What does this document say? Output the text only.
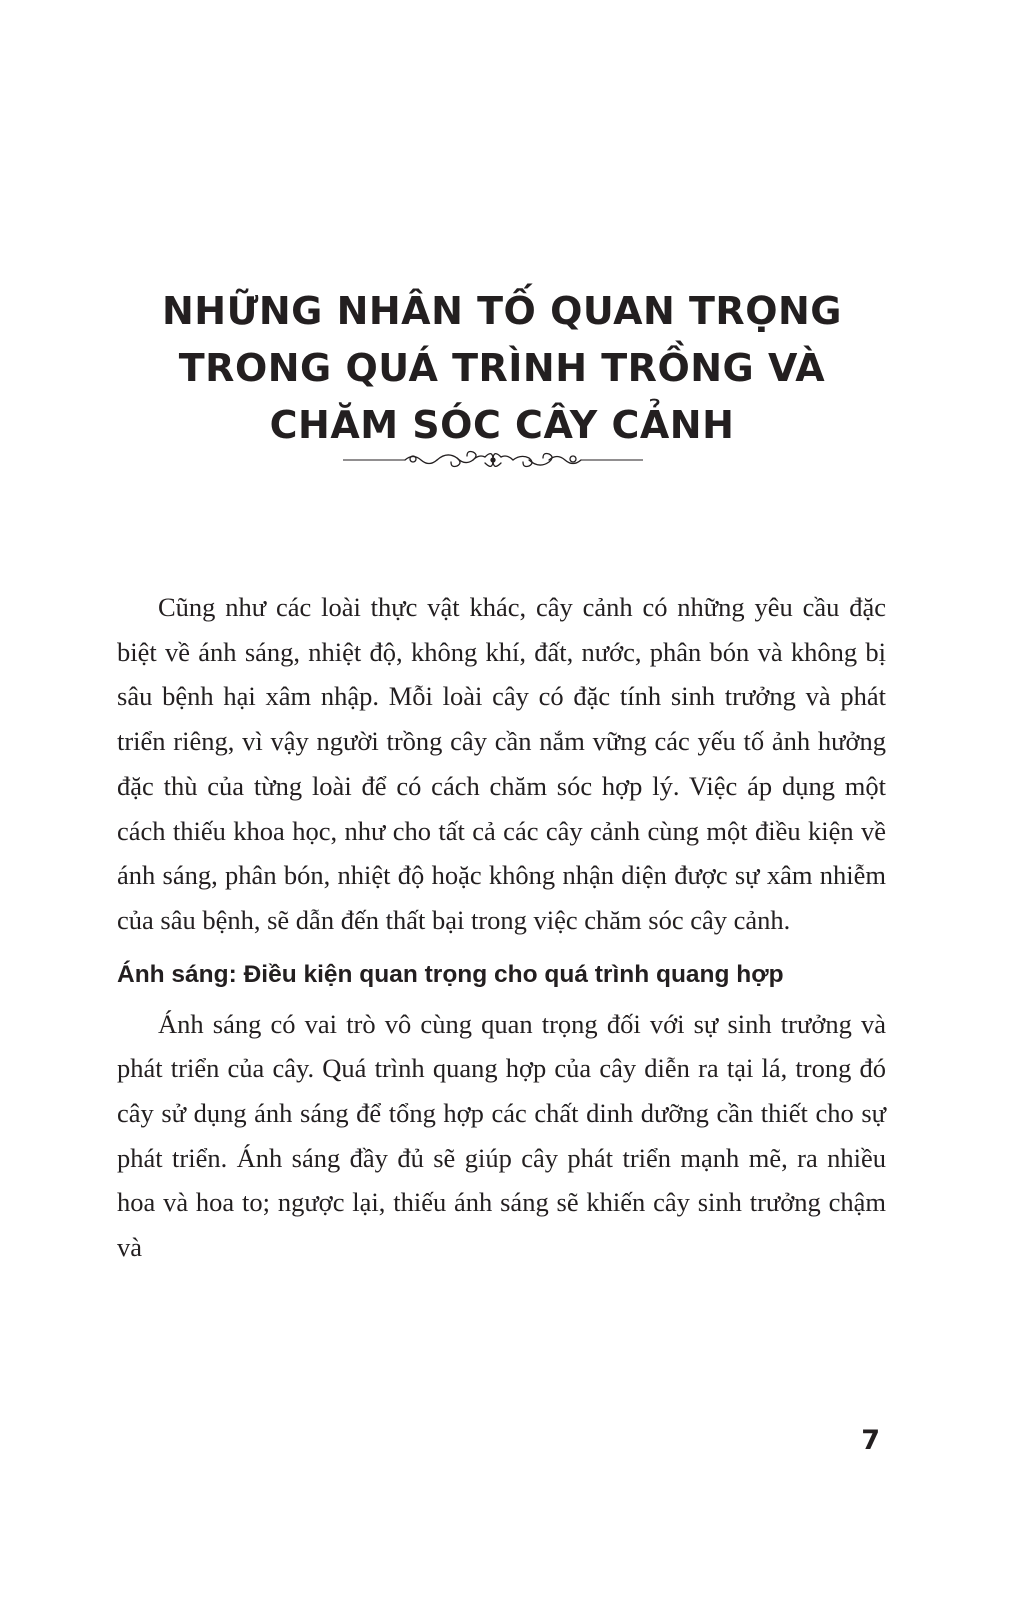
NHỮNG NHÂN TỐ QUAN TRỌNG
TRONG QUÁ TRÌNH TRỒNG VÀ
CHĂM SÓC CÂY CẢNH

Cũng như các loài thực vật khác, cây cảnh có những yêu cầu đặc biệt về ánh sáng, nhiệt độ, không khí, đất, nước, phân bón và không bị sâu bệnh hại xâm nhập. Mỗi loài cây có đặc tính sinh trưởng và phát triển riêng, vì vậy người trồng cây cần nắm vững các yếu tố ảnh hưởng đặc thù của từng loài để có cách chăm sóc hợp lý. Việc áp dụng một cách thiếu khoa học, như cho tất cả các cây cảnh cùng một điều kiện về ánh sáng, phân bón, nhiệt độ hoặc không nhận diện được sự xâm nhiễm của sâu bệnh, sẽ dẫn đến thất bại trong việc chăm sóc cây cảnh.

Ánh sáng: Điều kiện quan trọng cho quá trình quang hợp

Ánh sáng có vai trò vô cùng quan trọng đối với sự sinh trưởng và phát triển của cây. Quá trình quang hợp của cây diễn ra tại lá, trong đó cây sử dụng ánh sáng để tổng hợp các chất dinh dưỡng cần thiết cho sự phát triển. Ánh sáng đầy đủ sẽ giúp cây phát triển mạnh mẽ, ra nhiều hoa và hoa to; ngược lại, thiếu ánh sáng sẽ khiến cây sinh trưởng chậm và

7
